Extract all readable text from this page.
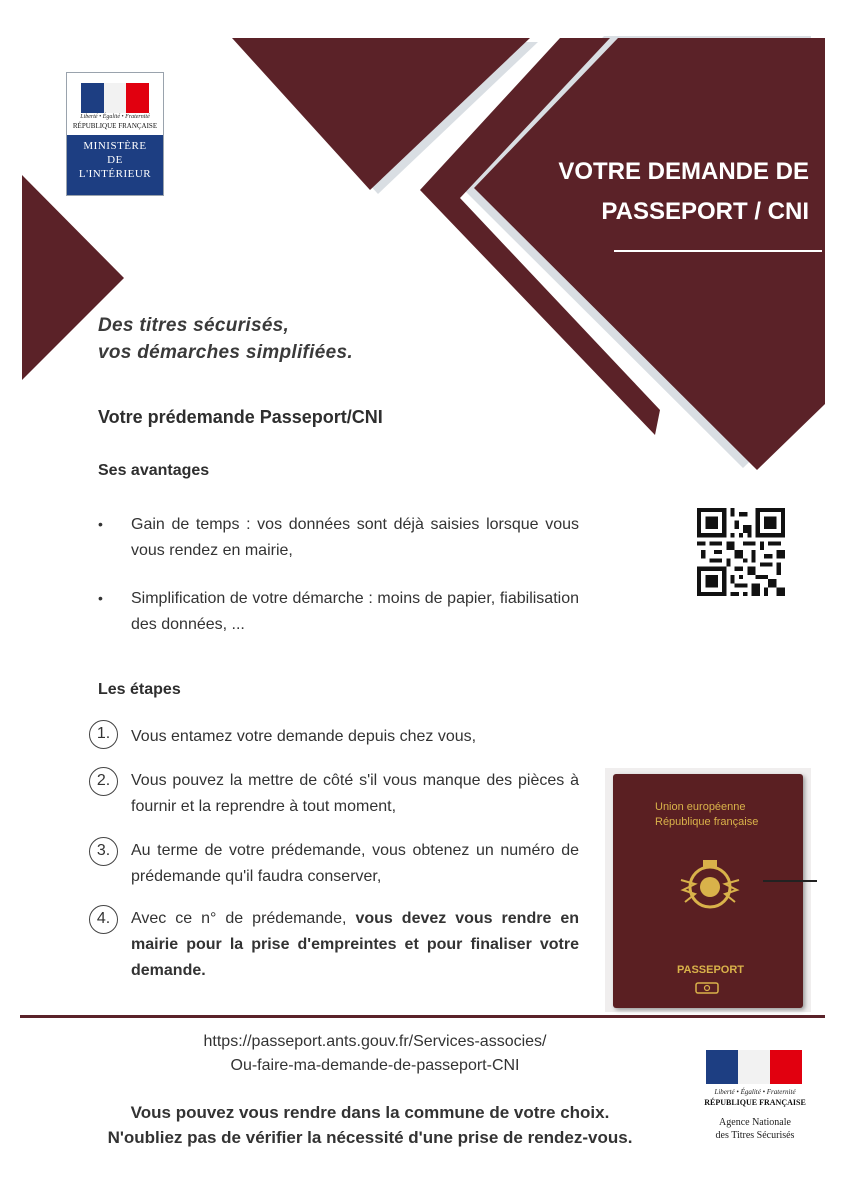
Liberté • Égalité • Fraternité
RÉPUBLIQUE FRANÇAISE
MINISTÈRE
DE
L'INTÉRIEUR	VOTRE DEMANDE DE
PASSEPORT / CNI
Des titres sécurisés,
vos démarches simplifiées.
Votre prédemande Passeport/CNI
Ses avantages
• Gain de temps : vos données sont déjà saisies lorsque vous vous rendez en mairie,
• Simplification de votre démarche : moins de papier, fiabilisation des données, ...
Les étapes
1.	Vous entamez votre demande depuis chez vous,
2.	Vous pouvez la mettre de côté s'il vous manque des pièces à fournir et la reprendre à tout moment,
3.	Au terme de votre prédemande, vous obtenez un numéro de prédemande qu'il faudra conserver,
4.	Avec ce n° de prédemande, vous devez vous rendre en mairie pour la prise d'empreintes et pour finaliser votre demande.
Union européenne
République française
PASSEPORT
https://passeport.ants.gouv.fr/Services-associes/
Ou-faire-ma-demande-de-passeport-CNI
Vous pouvez vous rendre dans la commune de votre choix.
N'oubliez pas de vérifier la nécessité d'une prise de rendez-vous.
Liberté • Égalité • Fraternité
RÉPUBLIQUE FRANÇAISE
Agence Nationale
des Titres Sécurisés
